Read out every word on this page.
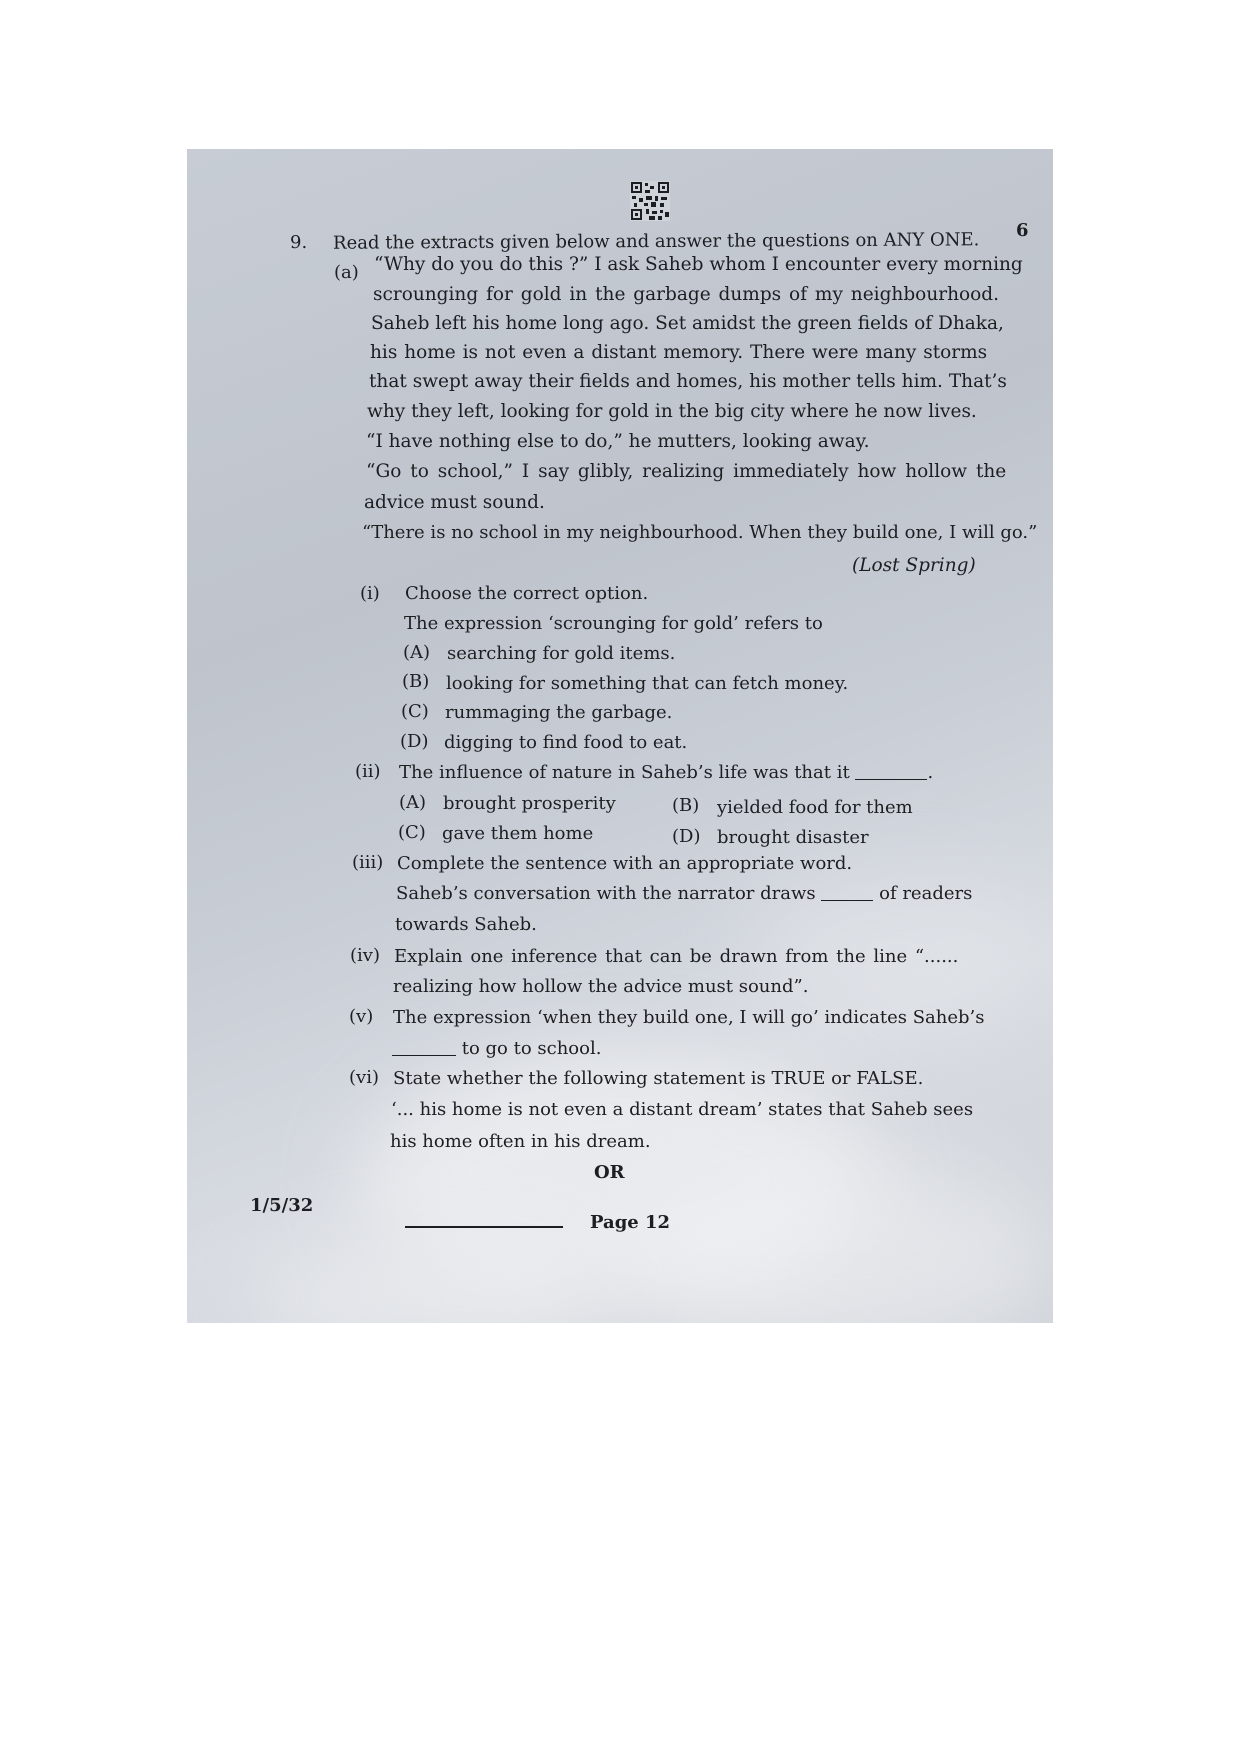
9. Read the extracts given below and answer the questions on ANY ONE. 6
(a) “Why do you do this ?” I ask Saheb whom I encounter every morning
scrounging for gold in the garbage dumps of my neighbourhood.
Saheb left his home long ago. Set amidst the green fields of Dhaka,
his home is not even a distant memory. There were many storms
that swept away their fields and homes, his mother tells him. That’s
why they left, looking for gold in the big city where he now lives.
“I have nothing else to do,” he mutters, looking away.
“Go to school,” I say glibly, realizing immediately how hollow the
advice must sound.
“There is no school in my neighbourhood. When they build one, I will go.”
(Lost Spring)
(i) Choose the correct option.
The expression ‘scrounging for gold’ refers to
(A) searching for gold items.
(B) looking for something that can fetch money.
(C) rummaging the garbage.
(D) digging to find food to eat.
(ii) The influence of nature in Saheb’s life was that it	.
(A) brought prosperity	(B) yielded food for them
(C) gave them home	(D) brought disaster
(iii) Complete the sentence with an appropriate word.
Saheb’s conversation with the narrator draws	of readers
towards Saheb.
(iv) Explain one inference that can be drawn from the line “......
realizing how hollow the advice must sound”.
(v) The expression ‘when they build one, I will go’ indicates Saheb’s
to go to school.
(vi) State whether the following statement is TRUE or FALSE.
‘... his home is not even a distant dream’ states that Saheb sees
his home often in his dream.
OR
1/5/32
Page 12
